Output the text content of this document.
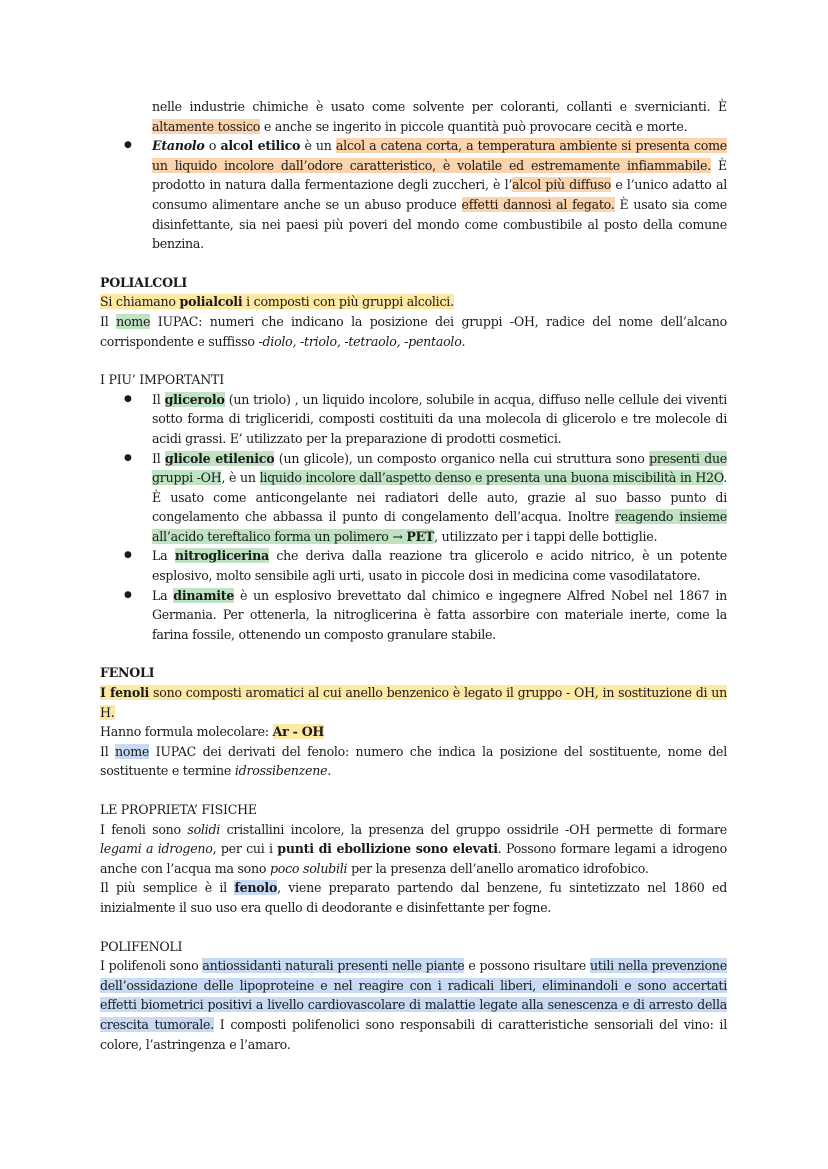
nelle industrie chimiche è usato come solvente per coloranti, collanti e svernicianti. È altamente tossico e anche se ingerito in piccole quantità può provocare cecità e morte.

● Etanolo o alcol etilico è un alcol a catena corta, a temperatura ambiente si presenta come un liquido incolore dall’odore caratteristico, è volatile ed estremamente infiammabile. È prodotto in natura dalla fermentazione degli zuccheri, è l’alcol più diffuso e l’unico adatto al consumo alimentare anche se un abuso produce effetti dannosi al fegato. È usato sia come disinfettante, sia nei paesi più poveri del mondo come combustibile al posto della comune benzina.

POLIALCOLI

Si chiamano polialcoli i composti con più gruppi alcolici.

Il nome IUPAC: numeri che indicano la posizione dei gruppi -OH, radice del nome dell’alcano corrispondente e suffisso -diolo, -triolo, -tetraolo, -pentaolo.

I PIU’ IMPORTANTI

● Il glicerolo (un triolo) , un liquido incolore, solubile in acqua, diffuso nelle cellule dei viventi sotto forma di trigliceridi, composti costituiti da una molecola di glicerolo e tre molecole di acidi grassi. E’ utilizzato per la preparazione di prodotti cosmetici.
● Il glicole etilenico (un glicole), un composto organico nella cui struttura sono presenti due gruppi -OH, è un liquido incolore dall’aspetto denso e presenta una buona miscibilità in H2O. È usato come anticongelante nei radiatori delle auto, grazie al suo basso punto di congelamento che abbassa il punto di congelamento dell’acqua. Inoltre reagendo insieme all’acido tereftalico forma un polimero → PET, utilizzato per i tappi delle bottiglie.
● La nitroglicerina che deriva dalla reazione tra glicerolo e acido nitrico, è un potente esplosivo, molto sensibile agli urti, usato in piccole dosi in medicina come vasodilatatore.
● La dinamite è un esplosivo brevettato dal chimico e ingegnere Alfred Nobel nel 1867 in Germania. Per ottenerla, la nitroglicerina è fatta assorbire con materiale inerte, come la farina fossile, ottenendo un composto granulare stabile.

FENOLI

I fenoli sono composti aromatici al cui anello benzenico è legato il gruppo - OH, in sostituzione di un H.

Hanno formula molecolare: Ar - OH

Il nome IUPAC dei derivati del fenolo: numero che indica la posizione del sostituente, nome del sostituente e termine idrossibenzene.

LE PROPRIETA’ FISICHE

I fenoli sono solidi cristallini incolore, la presenza del gruppo ossidrile -OH permette di formare legami a idrogeno, per cui i punti di ebollizione sono elevati. Possono formare legami a idrogeno anche con l’acqua ma sono poco solubili per la presenza dell’anello aromatico idrofobico.

Il più semplice è il fenolo, viene preparato partendo dal benzene, fu sintetizzato nel 1860 ed inizialmente il suo uso era quello di deodorante e disinfettante per fogne.

POLIFENOLI

I polifenoli sono antiossidanti naturali presenti nelle piante e possono risultare utili nella prevenzione dell’ossidazione delle lipoproteine e nel reagire con i radicali liberi, eliminandoli e sono accertati effetti biometrici positivi a livello cardiovascolare di malattie legate alla senescenza e di arresto della crescita tumorale. I composti polifenolici sono responsabili di caratteristiche sensoriali del vino: il colore, l’astringenza e l’amaro.
